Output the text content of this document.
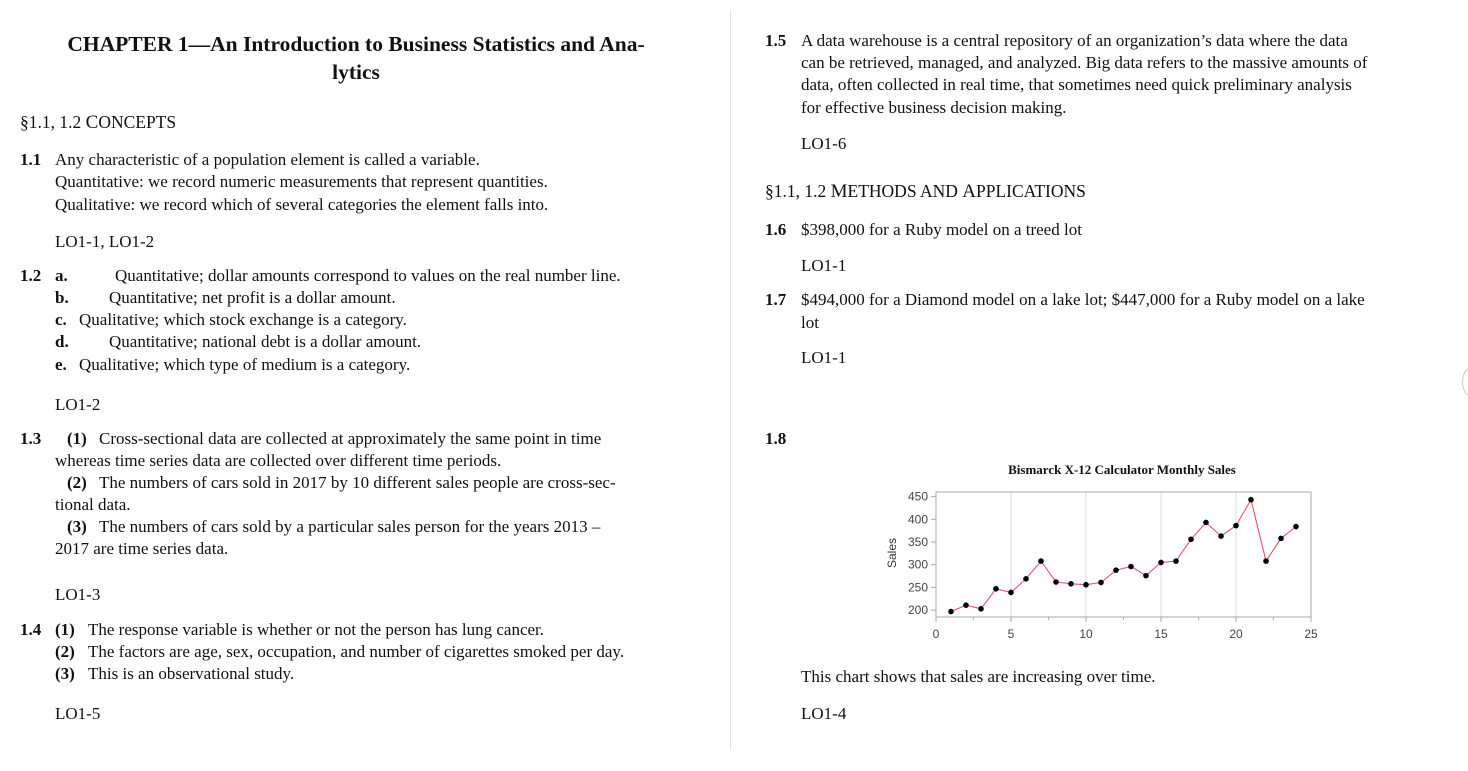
CHAPTER 1—An Introduction to Business Statistics and Ana-
lytics
§1.1, 1.2 CONCEPTS
1.1 Any characteristic of a population element is called a variable.
Quantitative: we record numeric measurements that represent quantities.
Qualitative: we record which of several categories the element falls into.
LO1-1, LO1-2
1.2 a.	Quantitative; dollar amounts correspond to values on the real number line.
b. Quantitative; net profit is a dollar amount.
c. Qualitative; which stock exchange is a category.
d. Quantitative; national debt is a dollar amount.
e. Qualitative; which type of medium is a category.
LO1-2
1.3 (1) Cross-sectional data are collected at approximately the same point in time
whereas time series data are collected over different time periods.
(2) The numbers of cars sold in 2017 by 10 different sales people are cross-sec-
tional data.
(3) The numbers of cars sold by a particular sales person for the years 2013 –
2017 are time series data.
LO1-3
1.4 (1) The response variable is whether or not the person has lung cancer.
(2) The factors are age, sex, occupation, and number of cigarettes smoked per day.
(3) This is an observational study.
LO1-5
1.5 A data warehouse is a central repository of an organization’s data where the data
can be retrieved, managed, and analyzed. Big data refers to the massive amounts of
data, often collected in real time, that sometimes need quick preliminary analysis
for effective business decision making.
LO1-6
§1.1, 1.2 METHODS AND APPLICATIONS
1.6 $398,000 for a Ruby model on a treed lot
LO1-1
1.7 $494,000 for a Diamond model on a lake lot; $447,000 for a Ruby model on a lake
lot
LO1-1
1.8
Bismarck X-12 Calculator Monthly Sales
Sales
200
250
300
350
400
450
0	5	10	15	20	25
This chart shows that sales are increasing over time.
LO1-4
